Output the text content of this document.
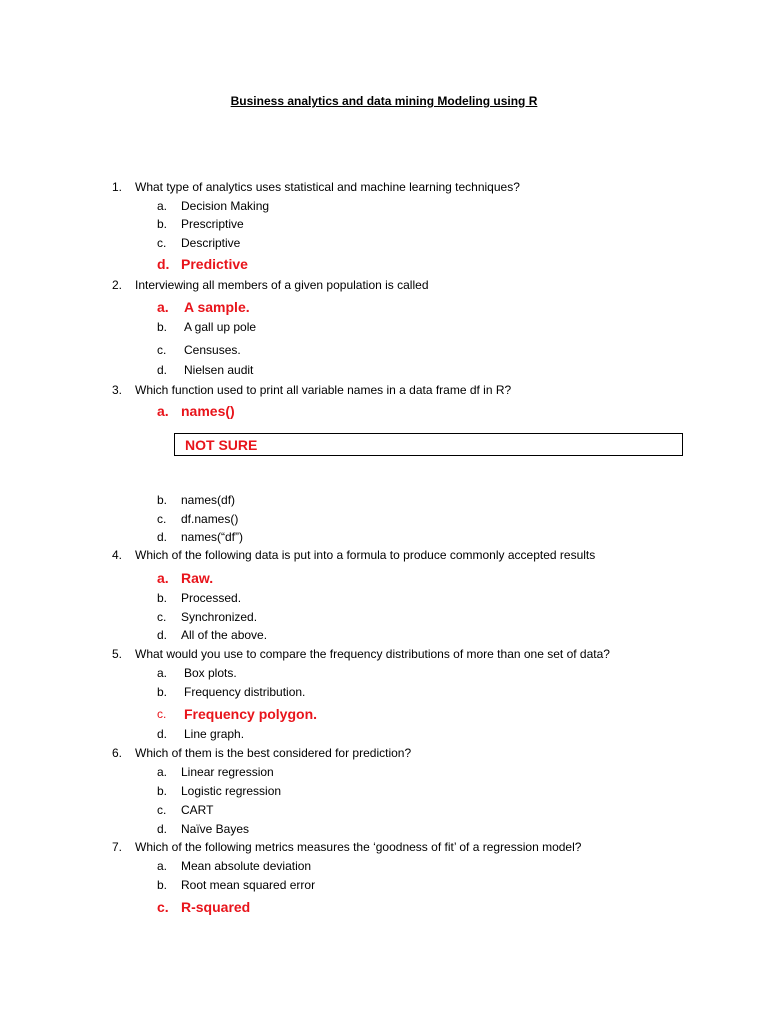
Business analytics and data mining Modeling using R
1. What type of analytics uses statistical and machine learning techniques?
a. Decision Making
b. Prescriptive
c. Descriptive
d. Predictive
2. Interviewing all members of a given population is called
a. A sample.
b. A gall up pole
c. Censuses.
d. Nielsen audit
3. Which function used to print all variable names in a data frame df in R?
a. names()
NOT SURE
b. names(df)
c. df.names()
d. names(“df”)
4. Which of the following data is put into a formula to produce commonly accepted results
a. Raw.
b. Processed.
c. Synchronized.
d. All of the above.
5. What would you use to compare the frequency distributions of more than one set of data?
a. Box plots.
b. Frequency distribution.
c. Frequency polygon.
d. Line graph.
6. Which of them is the best considered for prediction?
a. Linear regression
b. Logistic regression
c. CART
d. Naïve Bayes
7. Which of the following metrics measures the ‘goodness of fit’ of a regression model?
a. Mean absolute deviation
b. Root mean squared error
c. R-squared
